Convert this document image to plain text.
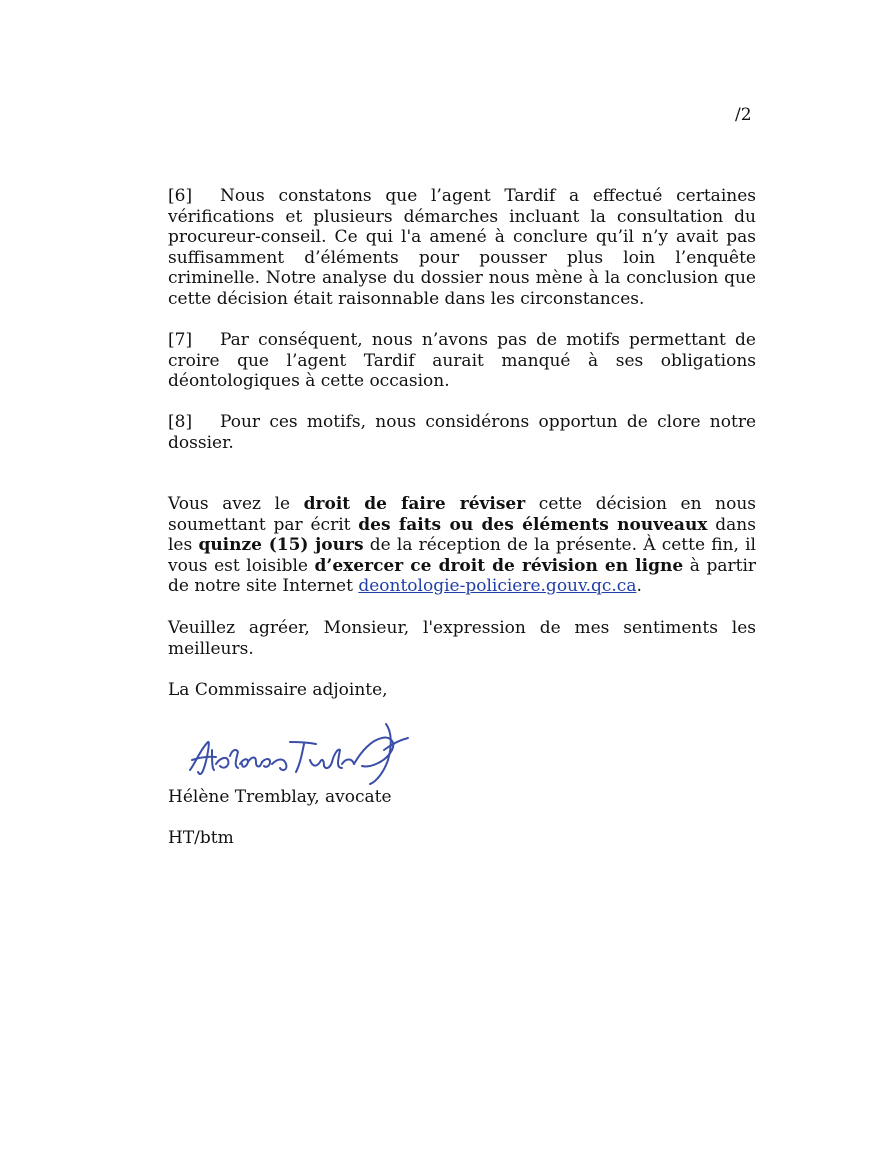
/2

[6] Nous constatons que l’agent Tardif a effectué certaines vérifications et plusieurs démarches incluant la consultation du procureur-conseil. Ce qui l'a amené à conclure qu’il n’y avait pas suffisamment d’éléments pour pousser plus loin l’enquête criminelle. Notre analyse du dossier nous mène à la conclusion que cette décision était raisonnable dans les circonstances.

[7] Par conséquent, nous n’avons pas de motifs permettant de croire que l’agent Tardif aurait manqué à ses obligations déontologiques à cette occasion.

[8] Pour ces motifs, nous considérons opportun de clore notre dossier.

Vous avez le droit de faire réviser cette décision en nous soumettant par écrit des faits ou des éléments nouveaux dans les quinze (15) jours de la réception de la présente. À cette fin, il vous est loisible d’exercer ce droit de révision en ligne à partir de notre site Internet deontologie-policiere.gouv.qc.ca.

Veuillez agréer, Monsieur, l'expression de mes sentiments les meilleurs.

La Commissaire adjointe,

Hélène Tremblay, avocate

HT/btm
